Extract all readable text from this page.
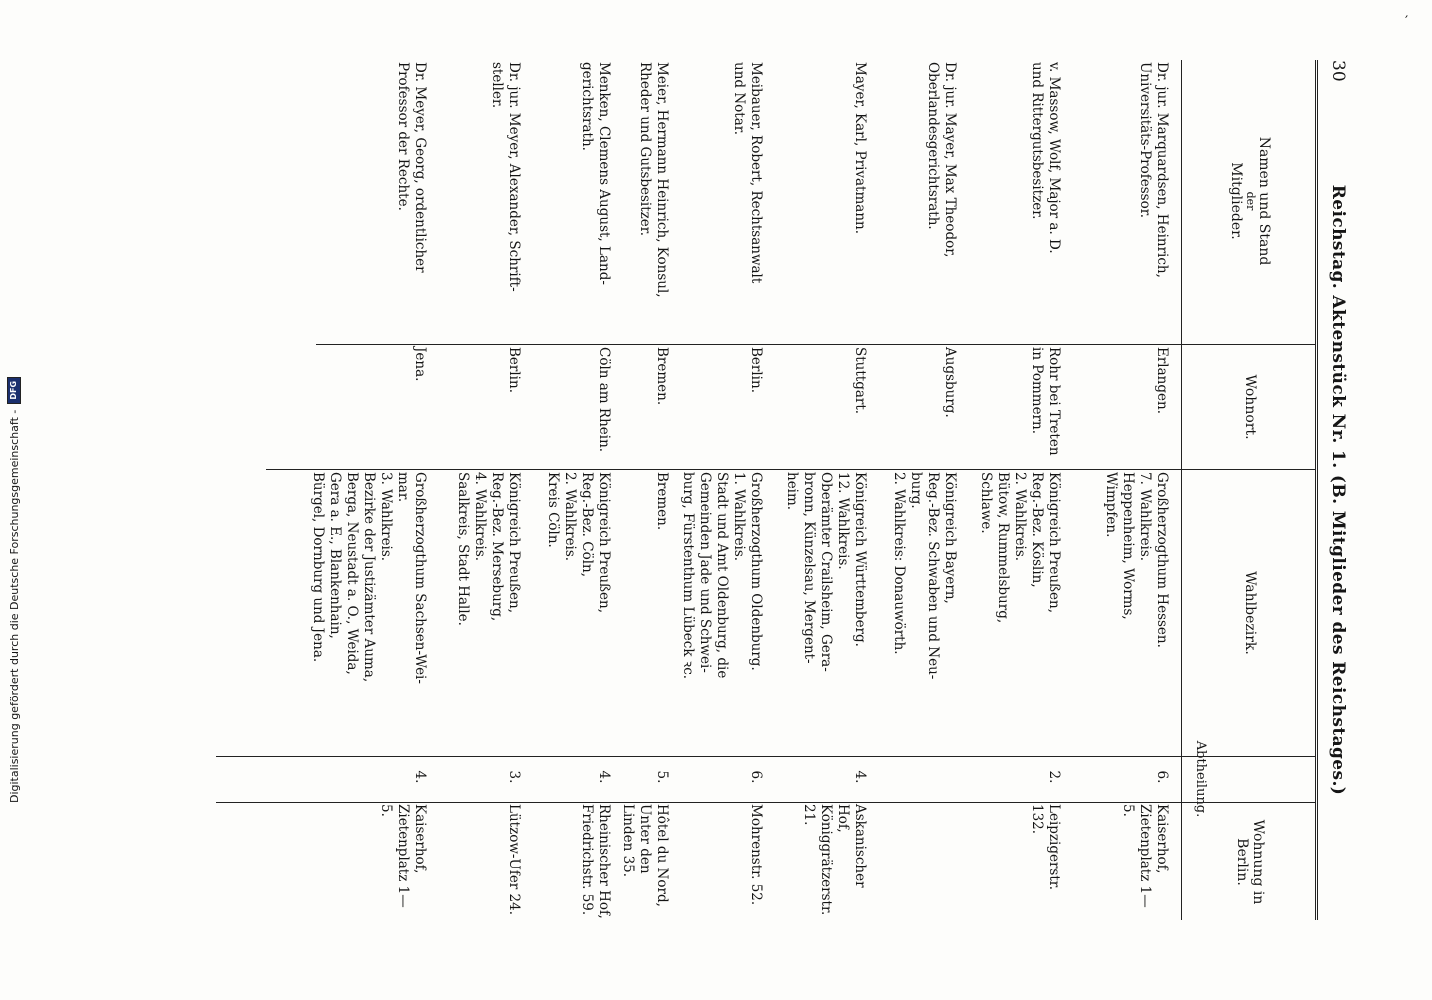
′
Digitalisierung gefördert durch die Deutsche Forschungsgemeinschaft -
DFG
30
Reichstag. Aktenstück Nr. 1. (B. Mitglieder des Reichstages.)
Namen und Stand
der
Mitglieder.
Wohnort.
Wahlbezirk.
Abtheilung.
Wohnung in Berlin.
Dr. jur. Marquardsen, Heinrich,
Universitäts-Professor.
Erlangen.
Großherzogthum Hessen.
7. Wahlkreis.
Heppenheim, Worms,
Wimpfen.
6.
Kaiserhof,
Zietenplatz 1—5.
v. Massow, Wolf, Major a. D.
und Rittergutsbesitzer.
Rohr bei Treten
in Pommern.
Königreich Preußen,
Reg.-Bez. Köslin,
2. Wahlkreis.
Bütow, Rummelsburg,
Schlawe.
2.
Leipzigerstr. 132.
Dr. jur. Mayer, Max Theodor,
Oberlandesgerichtsrath.
Augsburg.
Königreich Bayern,
Reg.-Bez. Schwaben und Neu-
burg.
2. Wahlkreis: Donauwörth.
Mayer, Karl, Privatmann.
Stuttgart.
Königreich Württemberg.
12. Wahlkreis.
Oberämter Crailsheim, Gera-
bronn, Künzelsau, Mergent-
heim.
4.
Askanischer Hof,
Königgrätzerstr. 21.
Meibauer, Robert, Rechtsanwalt
und Notar.
Berlin.
Großherzogthum Oldenburg.
1. Wahlkreis.
Stadt und Amt Oldenburg, die
Gemeinden Jade und Schwei-
burg, Fürstenthum Lübeck ꝛc.
6.
Mohrenstr. 52.
Meier, Hermann Heinrich, Konsul,
Rheder und Gutsbesitzer.
Bremen.
Bremen.
5.
Hôtel du Nord,
Unter den Linden 35.
Menken, Clemens August, Land-
gerichtsrath.
Cöln am Rhein.
Königreich Preußen,
Reg.-Bez. Cöln,
2. Wahlkreis.
Kreis Cöln.
4.
Rheinischer Hof,
Friedrichstr. 59.
Dr. jur. Meyer, Alexander, Schrift-
steller.
Berlin.
Königreich Preußen,
Reg.-Bez. Merseburg,
4. Wahlkreis.
Saalkreis, Stadt Halle.
3.
Lützow-Ufer 24.
Dr. Meyer, Georg, ordentlicher
Professor der Rechte.
Jena.
Großherzogthum Sachsen-Wei-
mar.
3. Wahlkreis.
Bezirke der Justizämter Auma,
Berga, Neustadt a. O., Weida,
Gera a. E., Blankenhain,
Bürgel, Dornburg und Jena.
4.
Kaiserhof,
Zietenplatz 1—5.
